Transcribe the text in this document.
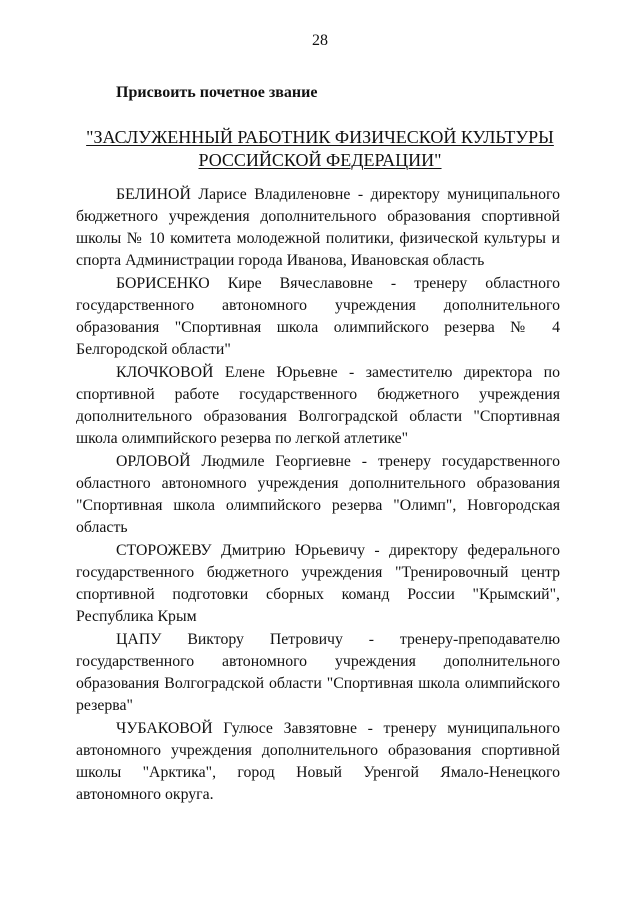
28
Присвоить почетное звание
"ЗАСЛУЖЕННЫЙ РАБОТНИК ФИЗИЧЕСКОЙ КУЛЬТУРЫ
РОССИЙСКОЙ ФЕДЕРАЦИИ"

БЕЛИНОЙ Ларисе Владиленовне - директору муниципального бюджетного учреждения дополнительного образования спортивной школы № 10 комитета молодежной политики, физической культуры и спорта Администрации города Иванова, Ивановская область

БОРИСЕНКО Кире Вячеславовне - тренеру областного государственного автономного учреждения дополнительного образования "Спортивная школа олимпийского резерва № 4 Белгородской области"

КЛОЧКОВОЙ Елене Юрьевне - заместителю директора по спортивной работе государственного бюджетного учреждения дополнительного образования Волгоградской области "Спортивная школа олимпийского резерва по легкой атлетике"

ОРЛОВОЙ Людмиле Георгиевне - тренеру государственного областного автономного учреждения дополнительного образования "Спортивная школа олимпийского резерва "Олимп", Новгородская область

СТОРОЖЕВУ Дмитрию Юрьевичу - директору федерального государственного бюджетного учреждения "Тренировочный центр спортивной подготовки сборных команд России "Крымский", Республика Крым

ЦАПУ Виктору Петровичу - тренеру-преподавателю государственного автономного учреждения дополнительного образования Волгоградской области "Спортивная школа олимпийского резерва"

ЧУБАКОВОЙ Гулюсе Завзятовне - тренеру муниципального автономного учреждения дополнительного образования спортивной школы "Арктика", город Новый Уренгой Ямало-Ненецкого автономного округа.
